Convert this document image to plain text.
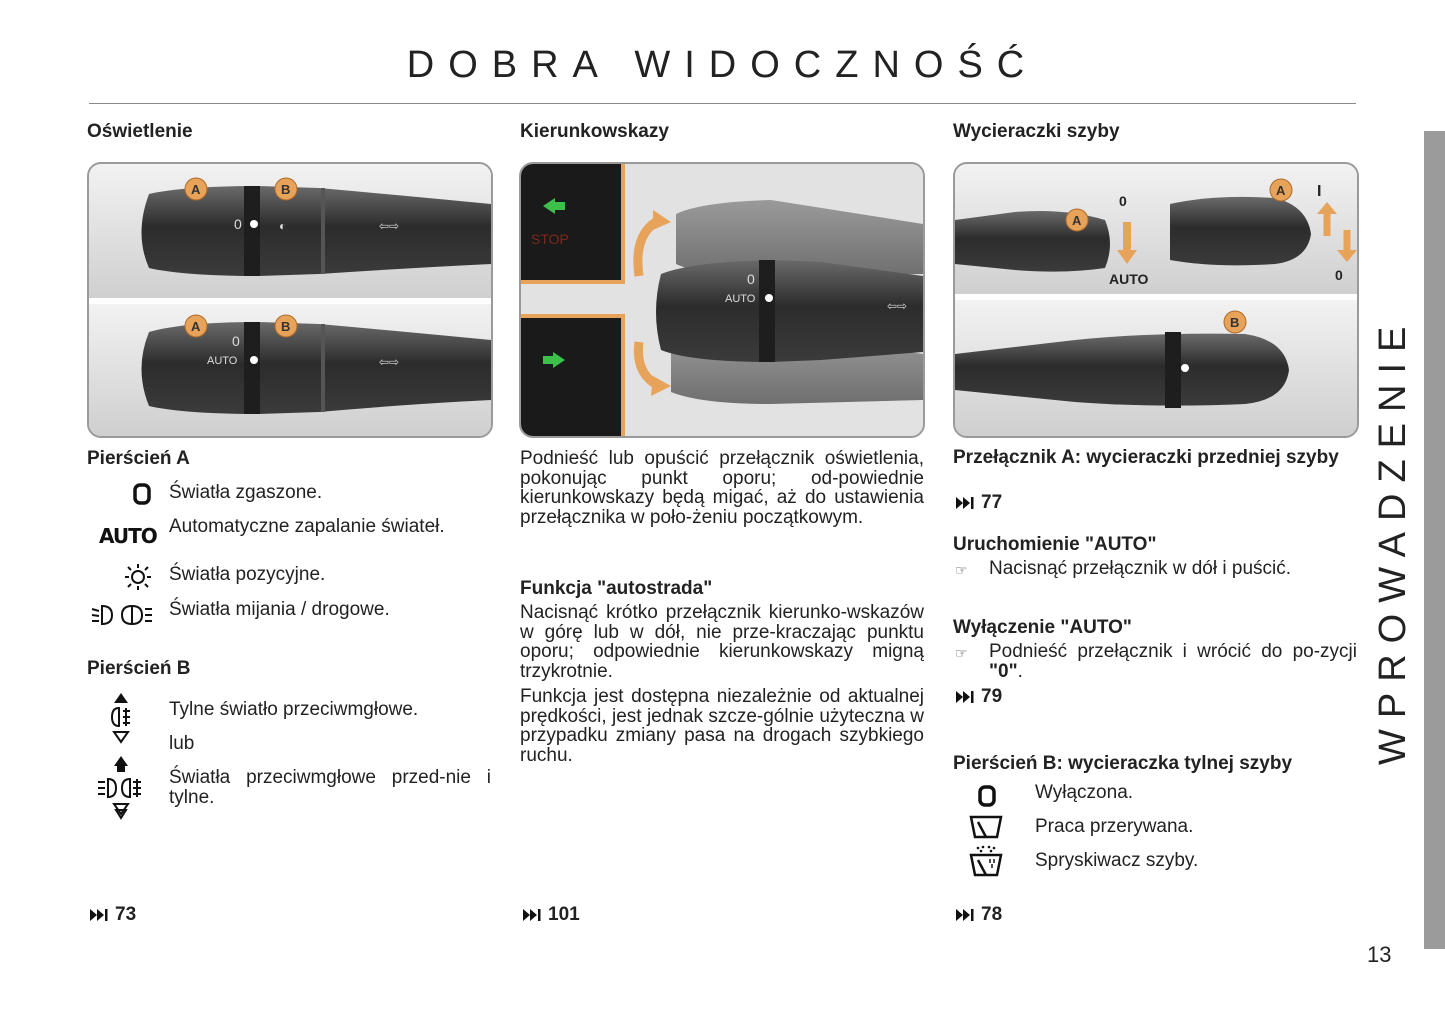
DOBRA WIDOCZNOŚĆ
Oświetlenie
0	⇦⇨
◐
A	B
0
AUTO	⇦⇨
A	B
Pierścień A
Światła zgaszone.
AUTO Automatyczne zapalanie świateł.
Światła pozycyjne.
Światła mijania / drogowe.
Pierścień B
Tylne światło przeciwmgłowe.
lub
Światła przeciwmgłowe przed-nie i tylne.
73
Kierunkowskazy
STOP
0
AUTO	⇦⇨
Podnieść lub opuścić przełącznik oświetlenia, pokonując punkt oporu; od-powiednie kierunkowskazy będą migać, aż do ustawienia przełącznika w poło-żeniu początkowym.
Funkcja "autostrada"
Nacisnąć krótko przełącznik kierunko-wskazów w górę lub w dół, nie prze-kraczając punktu oporu; odpowiednie kierunkowskazy migną trzykrotnie.
Funkcja jest dostępna niezależnie od aktualnej prędkości, jest jednak szcze-gólnie użyteczna w przypadku zmiany pasa na drogach szybkiego ruchu.
101
Wycieraczki szyby
A
0
AUTO
A I
0
B
Przełącznik A: wycieraczki przedniej szyby
77
Uruchomienie "AUTO"
☞ Nacisnąć przełącznik w dół i puścić.
Wyłączenie "AUTO"
☞ Podnieść przełącznik i wrócić do po-zycji "0".
79
Pierścień B: wycieraczka tylnej szyby
Wyłączona.
Praca przerywana.
Spryskiwacz szyby.
78
WPROWADZENIE
13
